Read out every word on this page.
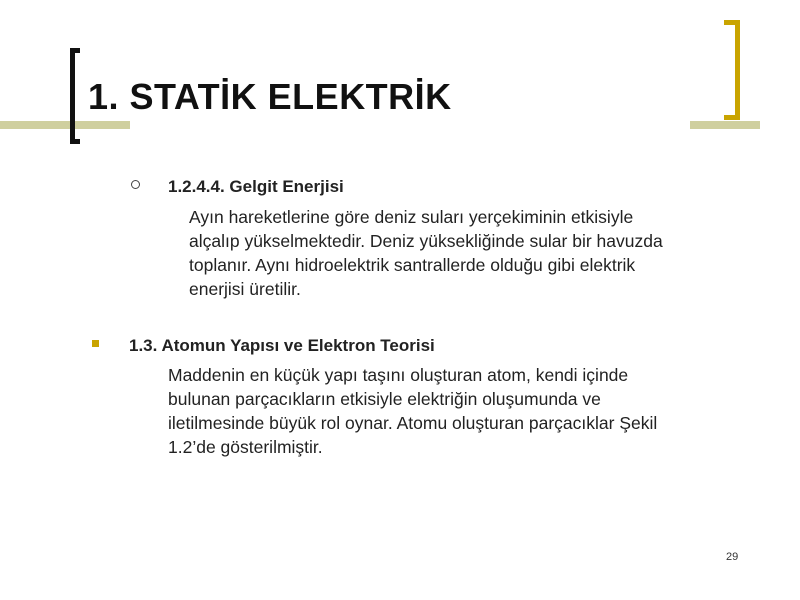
1. STATİK ELEKTRİK

1.2.4.4. Gelgit Enerjisi

Ayın hareketlerine göre deniz suları yerçekiminin etkisiyle
alçalıp yükselmektedir. Deniz yüksekliğinde sular bir havuzda
toplanır. Aynı hidroelektrik santrallerde olduğu gibi elektrik
enerjisi üretilir.

1.3. Atomun Yapısı ve Elektron Teorisi

Maddenin en küçük yapı taşını oluşturan atom, kendi içinde
bulunan parçacıkların etkisiyle elektriğin oluşumunda ve
iletilmesinde büyük rol oynar. Atomu oluşturan parçacıklar Şekil
1.2’de gösterilmiştir.

29
